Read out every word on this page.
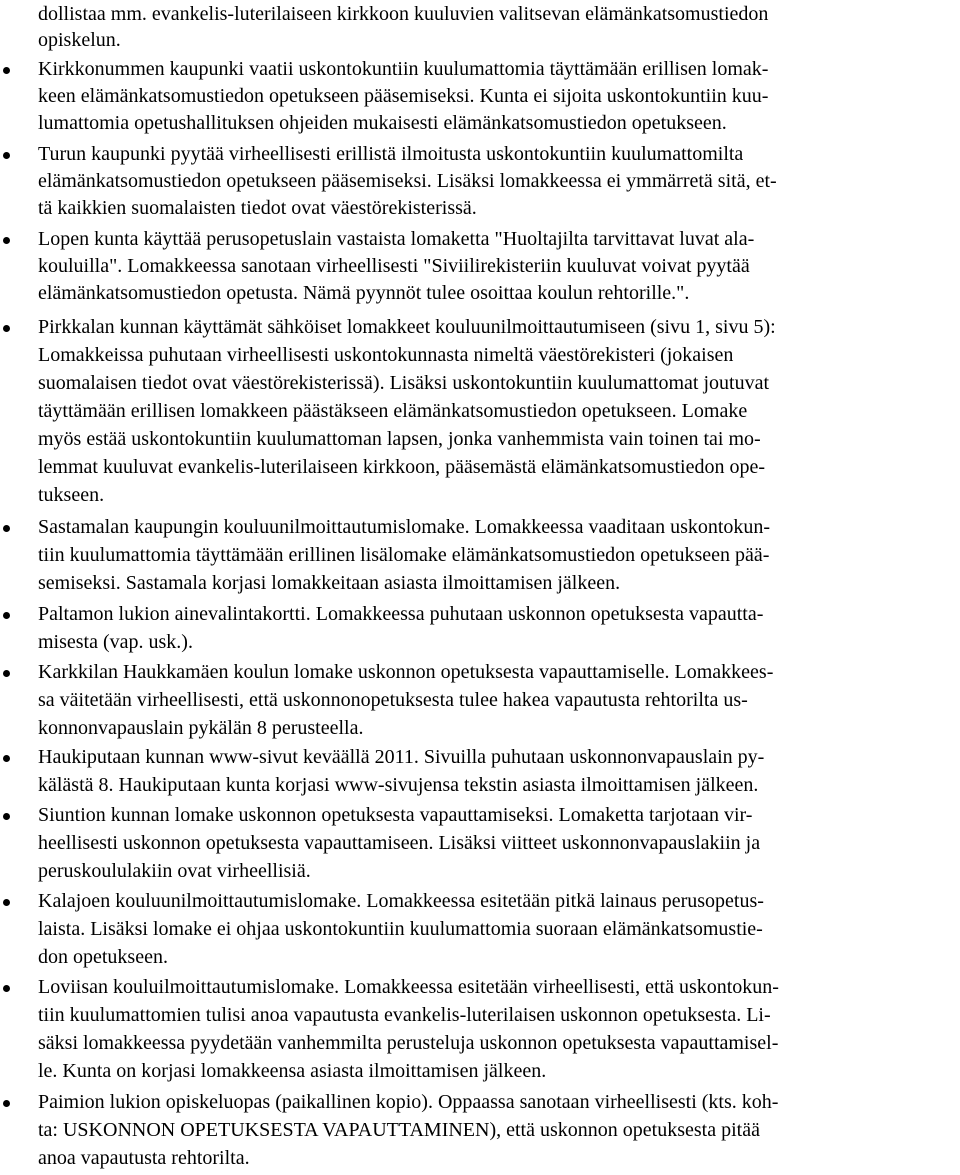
dollistaa mm. evankelis-luterilaiseen kirkkoon kuuluvien valitsevan elämänkatsomustiedon
opiskelun.
Kirkkonummen kaupunki vaatii uskontokuntiin kuulumattomia täyttämään erillisen lomak-
keen elämänkatsomustiedon opetukseen pääsemiseksi. Kunta ei sijoita uskontokuntiin kuu-
lumattomia opetushallituksen ohjeiden mukaisesti elämänkatsomustiedon opetukseen.
Turun kaupunki pyytää virheellisesti erillistä ilmoitusta uskontokuntiin kuulumattomilta
elämänkatsomustiedon opetukseen pääsemiseksi. Lisäksi lomakkeessa ei ymmärretä sitä, et-
tä kaikkien suomalaisten tiedot ovat väestörekisterissä.
Lopen kunta käyttää perusopetuslain vastaista lomaketta "Huoltajilta tarvittavat luvat ala-
kouluilla". Lomakkeessa sanotaan virheellisesti "Siviilirekisteriin kuuluvat voivat pyytää
elämänkatsomustiedon opetusta. Nämä pyynnöt tulee osoittaa koulun rehtorille.".
Pirkkalan kunnan käyttämät sähköiset lomakkeet kouluunilmoittautumiseen (sivu 1, sivu 5):
Lomakkeissa puhutaan virheellisesti uskontokunnasta nimeltä väestörekisteri (jokaisen
suomalaisen tiedot ovat väestörekisterissä). Lisäksi uskontokuntiin kuulumattomat joutuvat
täyttämään erillisen lomakkeen päästäkseen elämänkatsomustiedon opetukseen. Lomake
myös estää uskontokuntiin kuulumattoman lapsen, jonka vanhemmista vain toinen tai mo-
lemmat kuuluvat evankelis-luterilaiseen kirkkoon, pääsemästä elämänkatsomustiedon ope-
tukseen.
Sastamalan kaupungin kouluunilmoittautumislomake. Lomakkeessa vaaditaan uskontokun-
tiin kuulumattomia täyttämään erillinen lisälomake elämänkatsomustiedon opetukseen pää-
semiseksi. Sastamala korjasi lomakkeitaan asiasta ilmoittamisen jälkeen.
Paltamon lukion ainevalintakortti. Lomakkeessa puhutaan uskonnon opetuksesta vapautta-
misesta (vap. usk.).
Karkkilan Haukkamäen koulun lomake uskonnon opetuksesta vapauttamiselle. Lomakkees-
sa väitetään virheellisesti, että uskonnonopetuksesta tulee hakea vapautusta rehtorilta us-
konnonvapauslain pykälän 8 perusteella.
Haukiputaan kunnan www-sivut keväällä 2011. Sivuilla puhutaan uskonnonvapauslain py-
kälästä 8. Haukiputaan kunta korjasi www-sivujensa tekstin asiasta ilmoittamisen jälkeen.
Siuntion kunnan lomake uskonnon opetuksesta vapauttamiseksi. Lomaketta tarjotaan vir-
heellisesti uskonnon opetuksesta vapauttamiseen. Lisäksi viitteet uskonnonvapauslakiin ja
peruskoululakiin ovat virheellisiä.
Kalajoen kouluunilmoittautumislomake. Lomakkeessa esitetään pitkä lainaus perusopetus-
laista. Lisäksi lomake ei ohjaa uskontokuntiin kuulumattomia suoraan elämänkatsomustie-
don opetukseen.
Loviisan kouluilmoittautumislomake. Lomakkeessa esitetään virheellisesti, että uskontokun-
tiin kuulumattomien tulisi anoa vapautusta evankelis-luterilaisen uskonnon opetuksesta. Li-
säksi lomakkeessa pyydetään vanhemmilta perusteluja uskonnon opetuksesta vapauttamisel-
le. Kunta on korjasi lomakkeensa asiasta ilmoittamisen jälkeen.
Paimion lukion opiskeluopas (paikallinen kopio). Oppaassa sanotaan virheellisesti (kts. koh-
ta: USKONNON OPETUKSESTA VAPAUTTAMINEN), että uskonnon opetuksesta pitää
anoa vapautusta rehtorilta.
